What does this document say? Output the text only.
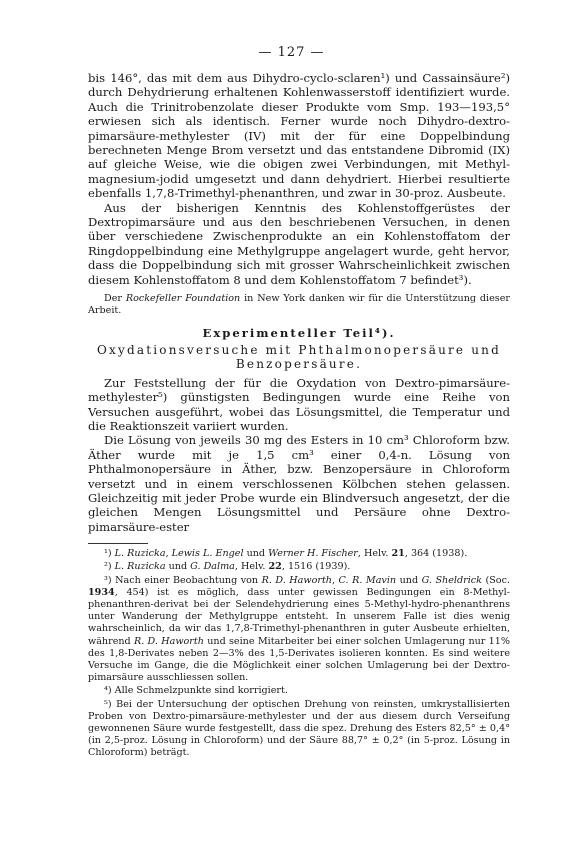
— 127 —

bis 146°, das mit dem aus Dihydro-cyclo-sclaren¹) und Cassainsäure²) durch Dehydrierung erhaltenen Kohlenwasserstoff identifiziert wurde. Auch die Trinitrobenzolate dieser Produkte vom Smp. 193—193,5° erwiesen sich als identisch. Ferner wurde noch Dihydro-dextro-pimarsäure-methylester (IV) mit der für eine Doppelbindung berechneten Menge Brom versetzt und das entstandene Dibromid (IX) auf gleiche Weise, wie die obigen zwei Verbindungen, mit Methyl-magnesium-jodid umgesetzt und dann dehydriert. Hierbei resultierte ebenfalls 1,7,8-Trimethyl-phenanthren, und zwar in 30-proz. Ausbeute.

Aus der bisherigen Kenntnis des Kohlenstoffgerüstes der Dextropimarsäure und aus den beschriebenen Versuchen, in denen über verschiedene Zwischenprodukte an ein Kohlenstoffatom der Ringdoppelbindung eine Methylgruppe angelagert wurde, geht hervor, dass die Doppelbindung sich mit grosser Wahrscheinlichkeit zwischen diesem Kohlenstoffatom 8 und dem Kohlenstoffatom 7 befindet³).

Der Rockefeller Foundation in New York danken wir für die Unterstützung dieser Arbeit.

Experimenteller Teil⁴).
Oxydationsversuche mit Phthalmonopersäure und Benzopersäure.

Zur Feststellung der für die Oxydation von Dextro-pimarsäure-methylester⁵) günstigsten Bedingungen wurde eine Reihe von Versuchen ausgeführt, wobei das Lösungsmittel, die Temperatur und die Reaktionszeit variiert wurden.

Die Lösung von jeweils 30 mg des Esters in 10 cm³ Chloroform bzw. Äther wurde mit je 1,5 cm³ einer 0,4-n. Lösung von Phthalmonopersäure in Äther, bzw. Benzopersäure in Chloroform versetzt und in einem verschlossenen Kölbchen stehen gelassen. Gleichzeitig mit jeder Probe wurde ein Blindversuch angesetzt, der die gleichen Mengen Lösungsmittel und Persäure ohne Dextro-pimarsäure-ester

¹) L. Ruzicka, Lewis L. Engel und Werner H. Fischer, Helv. 21, 364 (1938).

²) L. Ruzicka und G. Dalma, Helv. 22, 1516 (1939).

³) Nach einer Beobachtung von R. D. Haworth, C. R. Mavin und G. Sheldrick (Soc. 1934, 454) ist es möglich, dass unter gewissen Bedingungen ein 8-Methyl-phenanthren-derivat bei der Selendehydrierung eines 5-Methyl-hydro-phenanthrens unter Wanderung der Methylgruppe entsteht. In unserem Falle ist dies wenig wahrscheinlich, da wir das 1,7,8-Trimethyl-phenanthren in guter Ausbeute erhielten, während R. D. Haworth und seine Mitarbeiter bei einer solchen Umlagerung nur 11% des 1,8-Derivates neben 2—3% des 1,5-Derivates isolieren konnten. Es sind weitere Versuche im Gange, die die Möglichkeit einer solchen Umlagerung bei der Dextro-pimarsäure ausschliessen sollen.

⁴) Alle Schmelzpunkte sind korrigiert.

⁵) Bei der Untersuchung der optischen Drehung von reinsten, umkrystallisierten Proben von Dextro-pimarsäure-methylester und der aus diesem durch Verseifung gewonnenen Säure wurde festgestellt, dass die spez. Drehung des Esters 82,5° ± 0,4° (in 2,5-proz. Lösung in Chloroform) und der Säure 88,7° ± 0,2° (in 5-proz. Lösung in Chloroform) beträgt.
